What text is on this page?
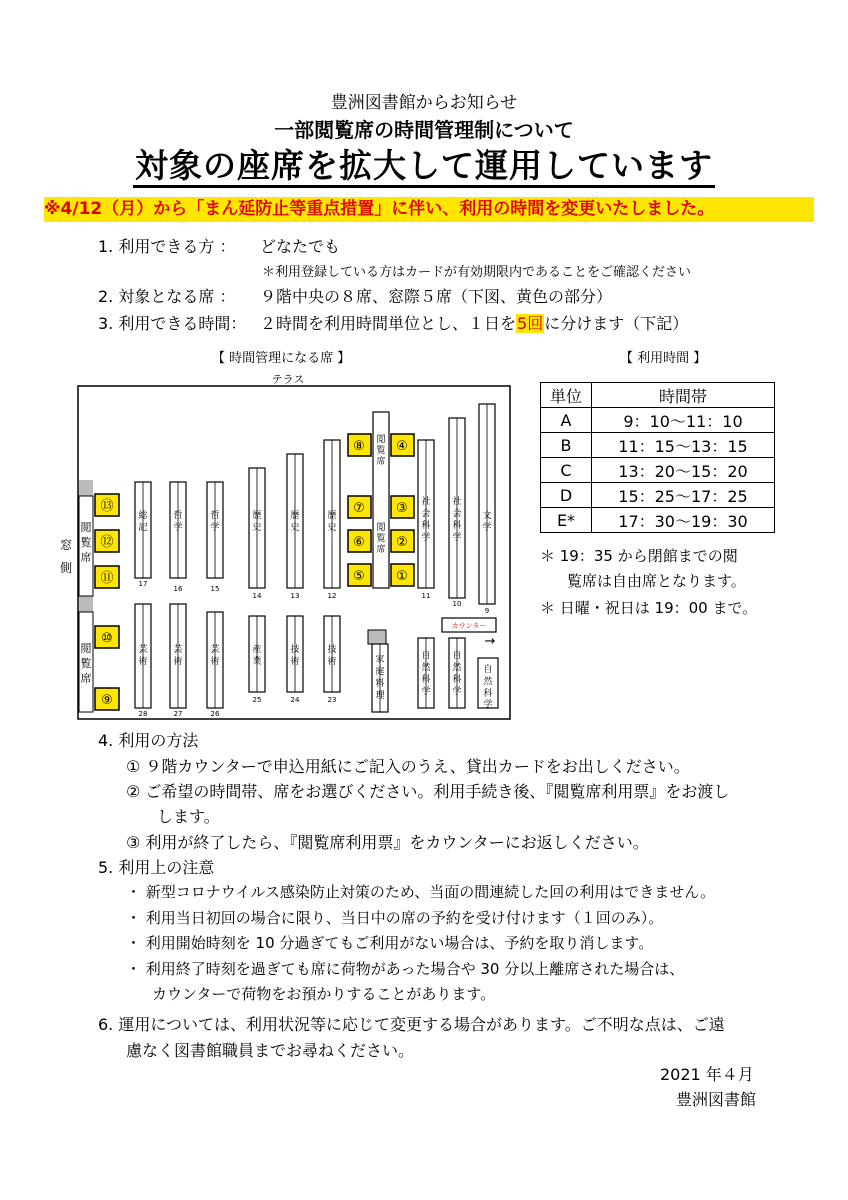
豊洲図書館からお知らせ
一部閲覧席の時間管理制について
対象の座席を拡大して運用しています
※4/12（月）から「まん延防止等重点措置」に伴い、利用の時間を変更いたしました。
1. 利用できる方 ： どなたでも
＊利用登録している方はカードが有効期限内であることをご確認ください
2. 対象となる席 ： ９階中央の８席、窓際５席（下図、黄色の部分）
3. 利用できる時間： ２時間を利用時間単位とし、１日を5回に分けます（下記）
【 時間管理になる席 】	【 利用時間 】
テラス
窓
側
閲
覧
席
閲
覧
席
⑬
⑫
⑪
⑩
⑨
総
記
17
哲
学
16
哲
学
15
歴
史
14
歴
史
13
歴
史
12
閲
覧
席
閲
覧
席
⑧ ④
⑦ ③
⑥ ②
⑤ ①
社
会
科
学
11
社
会
科
学
10
文
学
9
カウンター
→
芸
術
28
芸
術
27
芸
術
26
産
業
25
技
術
24
技
術
23
家
庭
料
理
自
然
科
学
自
然
科
学
自
然
科
学
単位	時間帯
A	9：10〜11：10
B	11：15〜13：15
C	13：20〜15：20
D	15：25〜17：25
E*	17：30〜19：30
＊ 19：35 から閉館までの閲
覧席は自由席となります。
＊ 日曜・祝日は 19：00 まで。
4. 利用の方法
① ９階カウンターで申込用紙にご記入のうえ、貸出カードをお出しください。
② ご希望の時間帯、席をお選びください。利用手続き後、『閲覧席利用票』をお渡し
します。
③ 利用が終了したら、『閲覧席利用票』をカウンターにお返しください。
5. 利用上の注意
・ 新型コロナウイルス感染防止対策のため、当面の間連続した回の利用はできません。
・ 利用当日初回の場合に限り、当日中の席の予約を受け付けます（１回のみ）。
・ 利用開始時刻を 10 分過ぎてもご利用がない場合は、予約を取り消します。
・ 利用終了時刻を過ぎても席に荷物があった場合や 30 分以上離席された場合は、
カウンターで荷物をお預かりすることがあります。
6. 運用については、利用状況等に応じて変更する場合があります。ご不明な点は、ご遠
慮なく図書館職員までお尋ねください。
2021 年４月
豊洲図書館
